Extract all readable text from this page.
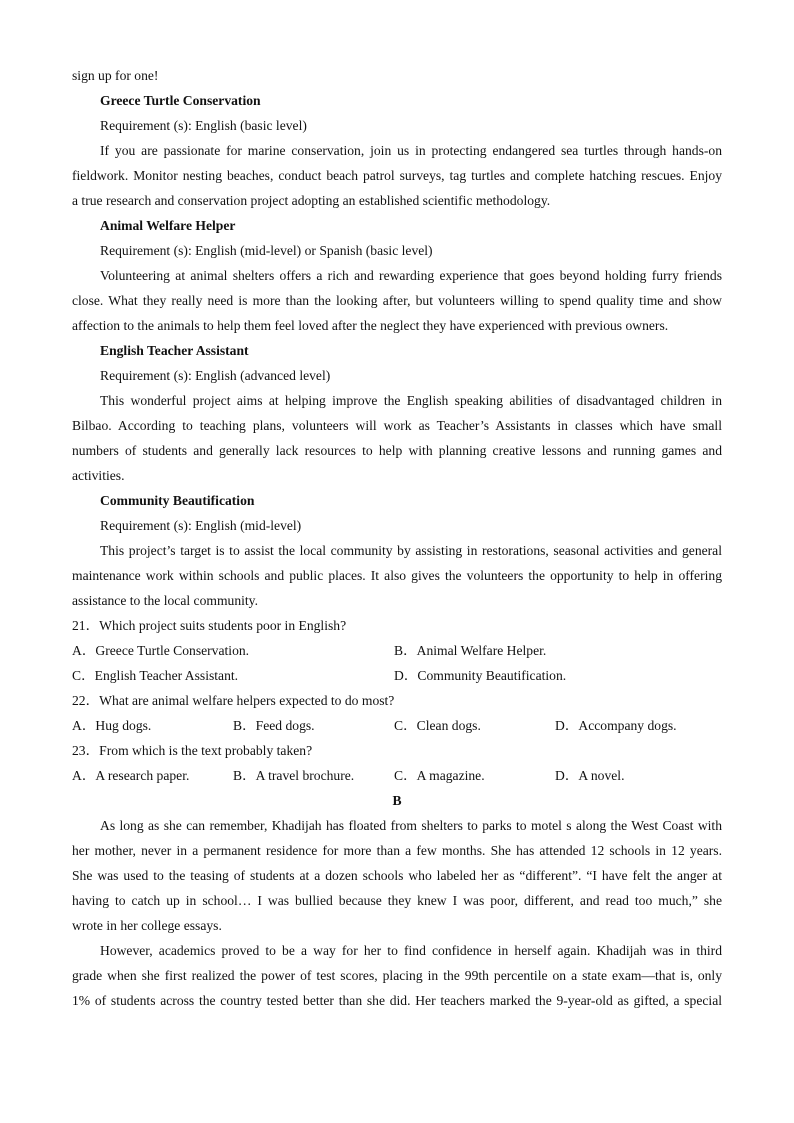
sign up for one!
Greece Turtle Conservation
Requirement (s): English (basic level)
If you are passionate for marine conservation, join us in protecting endangered sea turtles through hands-on
fieldwork. Monitor nesting beaches, conduct beach patrol surveys, tag turtles and complete hatching rescues. Enjoy
a true research and conservation project adopting an established scientific methodology.
Animal Welfare Helper
Requirement (s): English (mid-level) or Spanish (basic level)
Volunteering at animal shelters offers a rich and rewarding experience that goes beyond holding furry friends
close. What they really need is more than the looking after, but volunteers willing to spend quality time and show
affection to the animals to help them feel loved after the neglect they have experienced with previous owners.
English Teacher Assistant
Requirement (s): English (advanced level)
This wonderful project aims at helping improve the English speaking abilities of disadvantaged children in
Bilbao. According to teaching plans, volunteers will work as Teacher’s Assistants in classes which have small
numbers of students and generally lack resources to help with planning creative lessons and running games and
activities.
Community Beautification
Requirement (s): English (mid-level)
This project’s target is to assist the local community by assisting in restorations, seasonal activities and general
maintenance work within schools and public places. It also gives the volunteers the opportunity to help in offering
assistance to the local community.
21．Which project suits students poor in English?
A．Greece Turtle Conservation.	B．Animal Welfare Helper.
C．English Teacher Assistant.	D．Community Beautification.
22．What are animal welfare helpers expected to do most?
A．Hug dogs.	B．Feed dogs.	C．Clean dogs.	D．Accompany dogs.
23．From which is the text probably taken?
A．A research paper.	B．A travel brochure.	C．A magazine.	D．A novel.
B
As long as she can remember, Khadijah has floated from shelters to parks to motel s along the West Coast with
her mother, never in a permanent residence for more than a few months. She has attended 12 schools in 12 years.
She was used to the teasing of students at a dozen schools who labeled her as “different”. “I have felt the anger at
having to catch up in school… I was bullied because they knew I was poor, different, and read too much,” she
wrote in her college essays.
However, academics proved to be a way for her to find confidence in herself again. Khadijah was in third
grade when she first realized the power of test scores, placing in the 99th percentile on a state exam—that is, only
1% of students across the country tested better than she did. Her teachers marked the 9-year-old as gifted, a special
